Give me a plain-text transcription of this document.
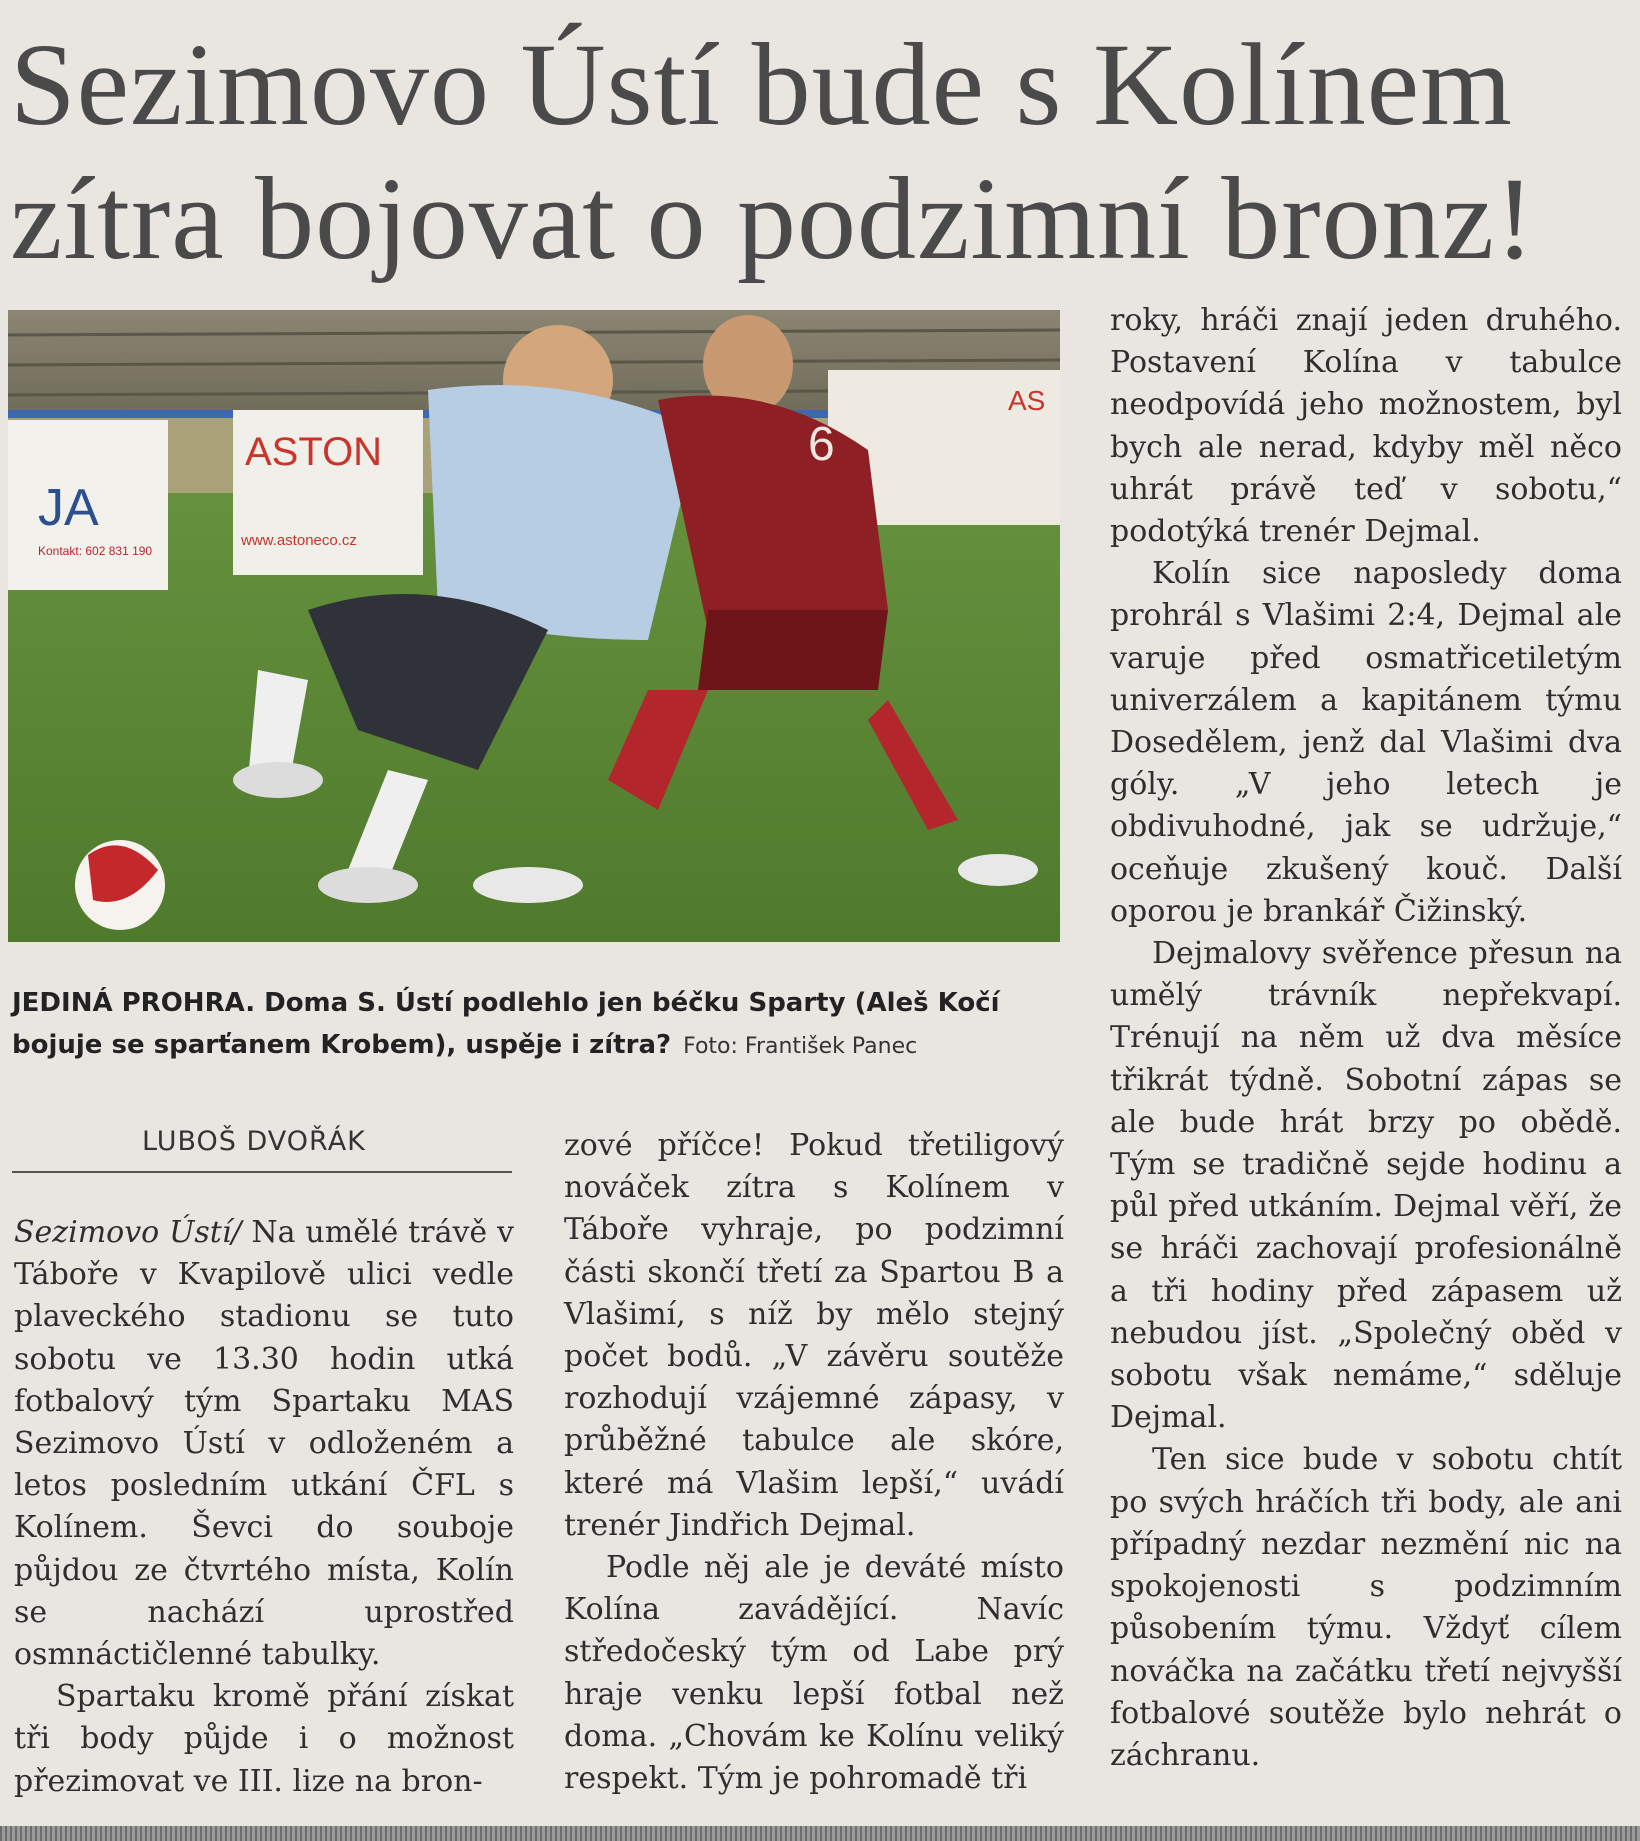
Sezimovo Ústí bude s Kolínem
zítra bojovat o podzimní bronz!
JA
Kontakt: 602 831 190
ASTON
www.astoneco.cz
AS
6
JEDINÁ PROHRA. Doma S. Ústí podlehlo jen béčku Sparty (Aleš Kočí bojuje se sparťanem Krobem), uspěje i zítra? Foto: František Panec
LUBOŠ DVOŘÁK

Sezimovo Ústí/ Na umělé trávě v Táboře v Kvapilově ulici vedle plaveckého stadionu se tuto sobotu ve 13.30 hodin utká fotbalový tým Spartaku MAS Sezimovo Ústí v odloženém a letos posledním utkání ČFL s Kolínem. Ševci do souboje půjdou ze čtvrtého místa, Kolín se nachází uprostřed osmnáctičlenné tabulky.

Spartaku kromě přání získat tři body půjde i o možnost přezimovat ve III. lize na bron-

zové příčce! Pokud třetiligový nováček zítra s Kolínem v Táboře vyhraje, po podzimní části skončí třetí za Spartou B a Vlašimí, s níž by mělo stejný počet bodů. „V závěru soutěže rozhodují vzájemné zápasy, v průběžné tabulce ale skóre, které má Vlašim lepší,“ uvádí trenér Jindřich Dejmal.

Podle něj ale je deváté místo Kolína zavádějící. Navíc středočeský tým od Labe prý hraje venku lepší fotbal než doma. „Chovám ke Kolínu veliký respekt. Tým je pohromadě tři

roky, hráči znají jeden druhého. Postavení Kolína v tabulce neodpovídá jeho možnostem, byl bych ale nerad, kdyby měl něco uhrát právě teď v sobotu,“ podotýká trenér Dejmal.

Kolín sice naposledy doma prohrál s Vlašimi 2:4, Dejmal ale varuje před osmatřicetiletým univerzálem a kapitánem týmu Dosedělem, jenž dal Vlašimi dva góly. „V jeho letech je obdivuhodné, jak se udržuje,“ oceňuje zkušený kouč. Další oporou je brankář Čižinský.

Dejmalovy svěřence přesun na umělý trávník nepřekvapí. Trénují na něm už dva měsíce třikrát týdně. Sobotní zápas se ale bude hrát brzy po obědě. Tým se tradičně sejde hodinu a půl před utkáním. Dejmal věří, že se hráči zachovají profesionálně a tři hodiny před zápasem už nebudou jíst. „Společný oběd v sobotu však nemáme,“ sděluje Dejmal.

Ten sice bude v sobotu chtít po svých hráčích tři body, ale ani případný nezdar nezmění nic na spokojenosti s podzimním působením týmu. Vždyť cílem nováčka na začátku třetí nejvyšší fotbalové soutěže bylo nehrát o záchranu.
